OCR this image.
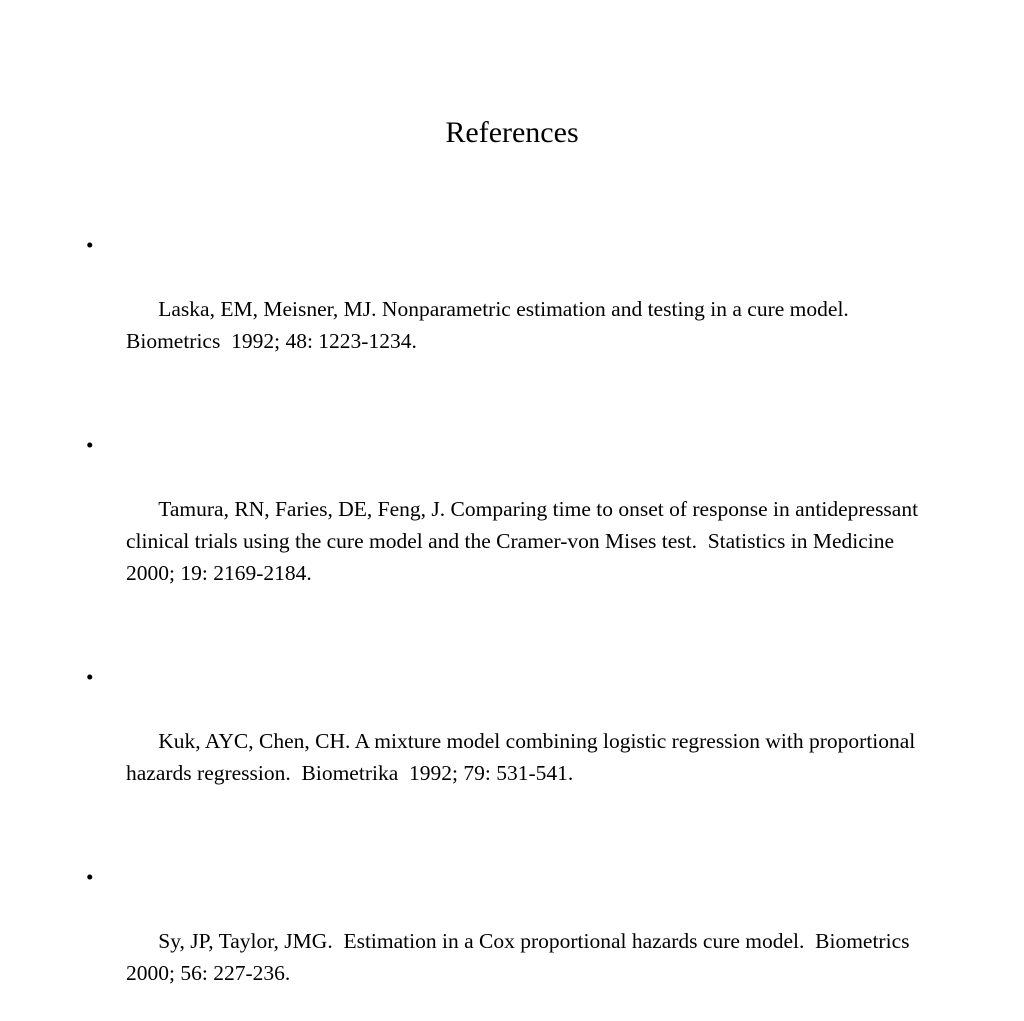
References

•

Laska, EM, Meisner, MJ. Nonparametric estimation and testing in a cure model.  Biometrics  1992; 48: 1223-1234.

•

Tamura, RN, Faries, DE, Feng, J. Comparing time to onset of response in antidepressant clinical trials using the cure model and the Cramer-von Mises test.  Statistics in Medicine  2000; 19: 2169-2184.

•

Kuk, AYC, Chen, CH. A mixture model combining logistic regression with proportional hazards regression.  Biometrika  1992; 79: 531-541.

•

Sy, JP, Taylor, JMG.  Estimation in a Cox proportional hazards cure model.  Biometrics  2000; 56: 227-236.
